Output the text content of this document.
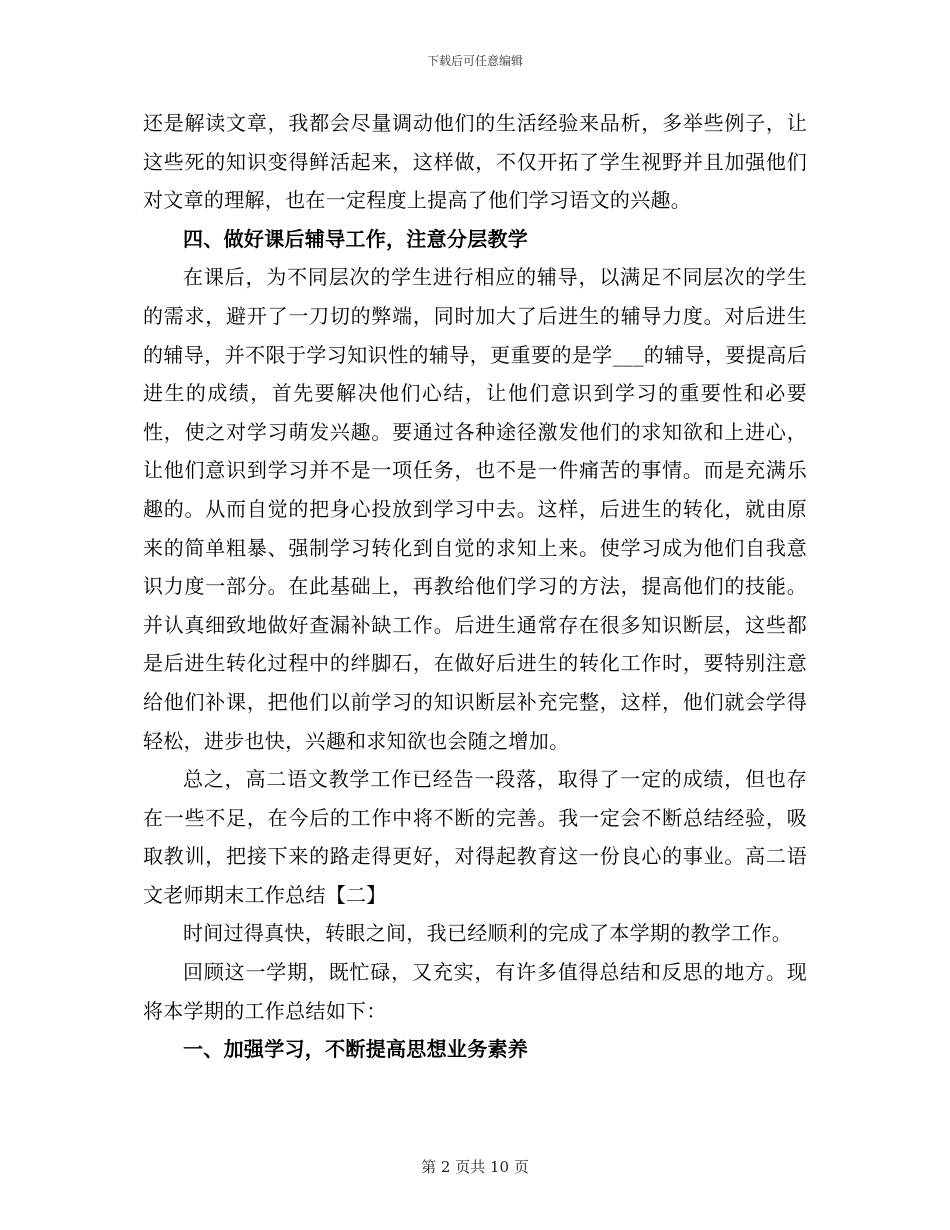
下载后可任意编辑

还是解读文章，我都会尽量调动他们的生活经验来品析，多举些例子，让这些死的知识变得鲜活起来，这样做，不仅开拓了学生视野并且加强他们对文章的理解，也在一定程度上提高了他们学习语文的兴趣。

四、做好课后辅导工作，注意分层教学

在课后，为不同层次的学生进行相应的辅导，以满足不同层次的学生的需求，避开了一刀切的弊端，同时加大了后进生的辅导力度。对后进生的辅导，并不限于学习知识性的辅导，更重要的是学___的辅导，要提高后进生的成绩，首先要解决他们心结，让他们意识到学习的重要性和必要性，使之对学习萌发兴趣。要通过各种途径激发他们的求知欲和上进心，让他们意识到学习并不是一项任务，也不是一件痛苦的事情。而是充满乐趣的。从而自觉的把身心投放到学习中去。这样，后进生的转化，就由原来的简单粗暴、强制学习转化到自觉的求知上来。使学习成为他们自我意识力度一部分。在此基础上，再教给他们学习的方法，提高他们的技能。并认真细致地做好查漏补缺工作。后进生通常存在很多知识断层，这些都是后进生转化过程中的绊脚石，在做好后进生的转化工作时，要特别注意给他们补课，把他们以前学习的知识断层补充完整，这样，他们就会学得轻松，进步也快，兴趣和求知欲也会随之增加。

总之，高二语文教学工作已经告一段落，取得了一定的成绩，但也存在一些不足，在今后的工作中将不断的完善。我一定会不断总结经验，吸取教训，把接下来的路走得更好，对得起教育这一份良心的事业。高二语文老师期末工作总结【二】

时间过得真快，转眼之间，我已经顺利的完成了本学期的教学工作。

回顾这一学期，既忙碌，又充实，有许多值得总结和反思的地方。现将本学期的工作总结如下：

一、加强学习，不断提高思想业务素养

第 2 页共 10 页
